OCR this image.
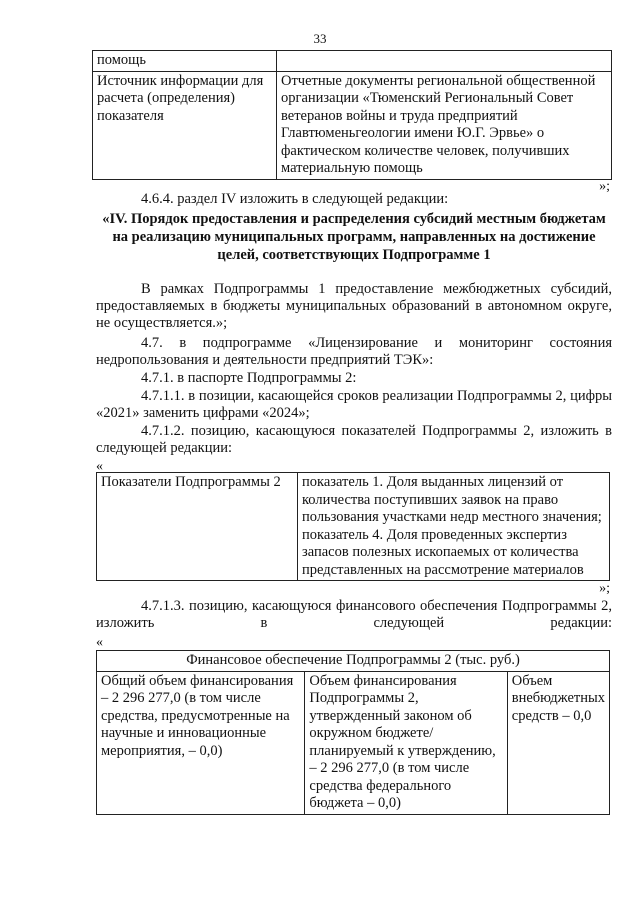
33
помощь	
Источник информации для расчета (определения) показателя	Отчетные документы региональной общественной организации «Тюменский Региональный Совет ветеранов войны и труда предприятий Главтюменьгеологии имени Ю.Г. Эрвье» о фактическом количестве человек, получивших материальную помощь
»;
4.6.4. раздел IV изложить в следующей редакции:
«IV. Порядок предоставления и распределения субсидий местным бюджетам на реализацию муниципальных программ, направленных на достижение целей, соответствующих Подпрограмме 1
В рамках Подпрограммы 1 предоставление межбюджетных субсидий, предоставляемых в бюджеты муниципальных образований в автономном округе, не осуществляется.»;
4.7. в подпрограмме «Лицензирование и мониторинг состояния недропользования и деятельности предприятий ТЭК»:
4.7.1. в паспорте Подпрограммы 2:
4.7.1.1. в позиции, касающейся сроков реализации Подпрограммы 2, цифры «2021» заменить цифрами «2024»;
4.7.1.2. позицию, касающуюся показателей Подпрограммы 2, изложить в следующей редакции:
«
Показатели Подпрограммы 2	показатель 1. Доля выданных лицензий от количества поступивших заявок на право пользования участками недр местного значения; показатель 4. Доля проведенных экспертиз запасов полезных ископаемых от количества представленных на рассмотрение материалов
»;
4.7.1.3. позицию, касающуюся финансового обеспечения Подпрограммы 2, изложить в следующей редакции:
«
Финансовое обеспечение Подпрограммы 2 (тыс. руб.)
Общий объем финансирования – 2 296 277,0 (в том числе средства, предусмотренные на научные и инновационные мероприятия, – 0,0)	Объем финансирования Подпрограммы 2, утвержденный законом об окружном бюджете/планируемый к утверждению, – 2 296 277,0 (в том числе средства федерального бюджета – 0,0)	Объем внебюджетных средств – 0,0
